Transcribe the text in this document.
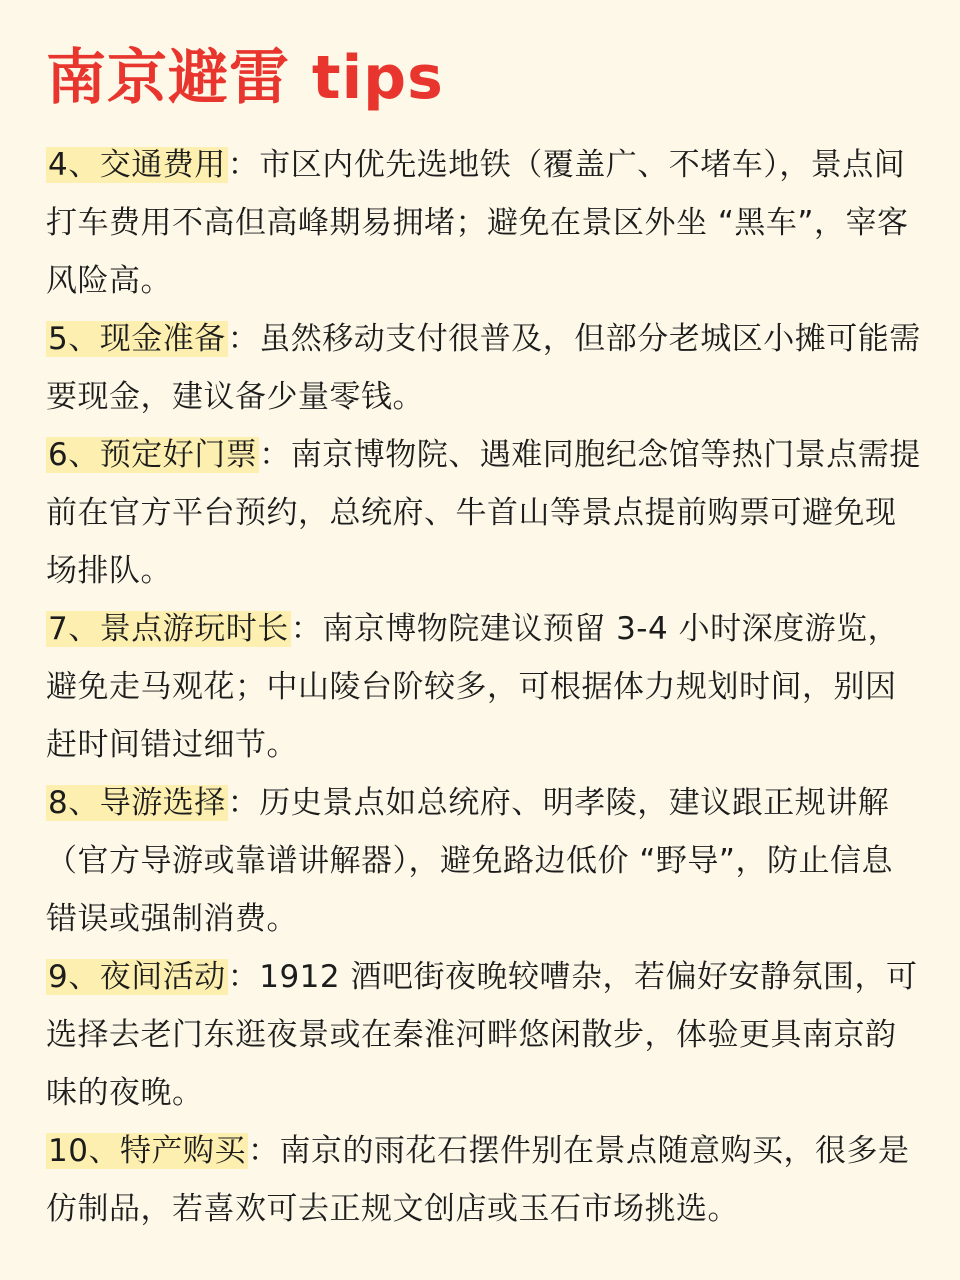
南京避雷 tips

4、交通费用：市区内优先选地铁（覆盖广、不堵车），景点间打车费用不高但高峰期易拥堵；避免在景区外坐 “黑车”，宰客风险高。

5、现金准备：虽然移动支付很普及，但部分老城区小摊可能需要现金，建议备少量零钱。

6、预定好门票：南京博物院、遇难同胞纪念馆等热门景点需提前在官方平台预约，总统府、牛首山等景点提前购票可避免现场排队。

7、景点游玩时长：南京博物院建议预留 3-4 小时深度游览，避免走马观花；中山陵台阶较多，可根据体力规划时间，别因赶时间错过细节。

8、导游选择：历史景点如总统府、明孝陵，建议跟正规讲解（官方导游或靠谱讲解器），避免路边低价 “野导”，防止信息错误或强制消费。

9、夜间活动：1912 酒吧街夜晚较嘈杂，若偏好安静氛围，可选择去老门东逛夜景或在秦淮河畔悠闲散步，体验更具南京韵味的夜晚。

10、特产购买：南京的雨花石摆件别在景点随意购买，很多是仿制品，若喜欢可去正规文创店或玉石市场挑选。
